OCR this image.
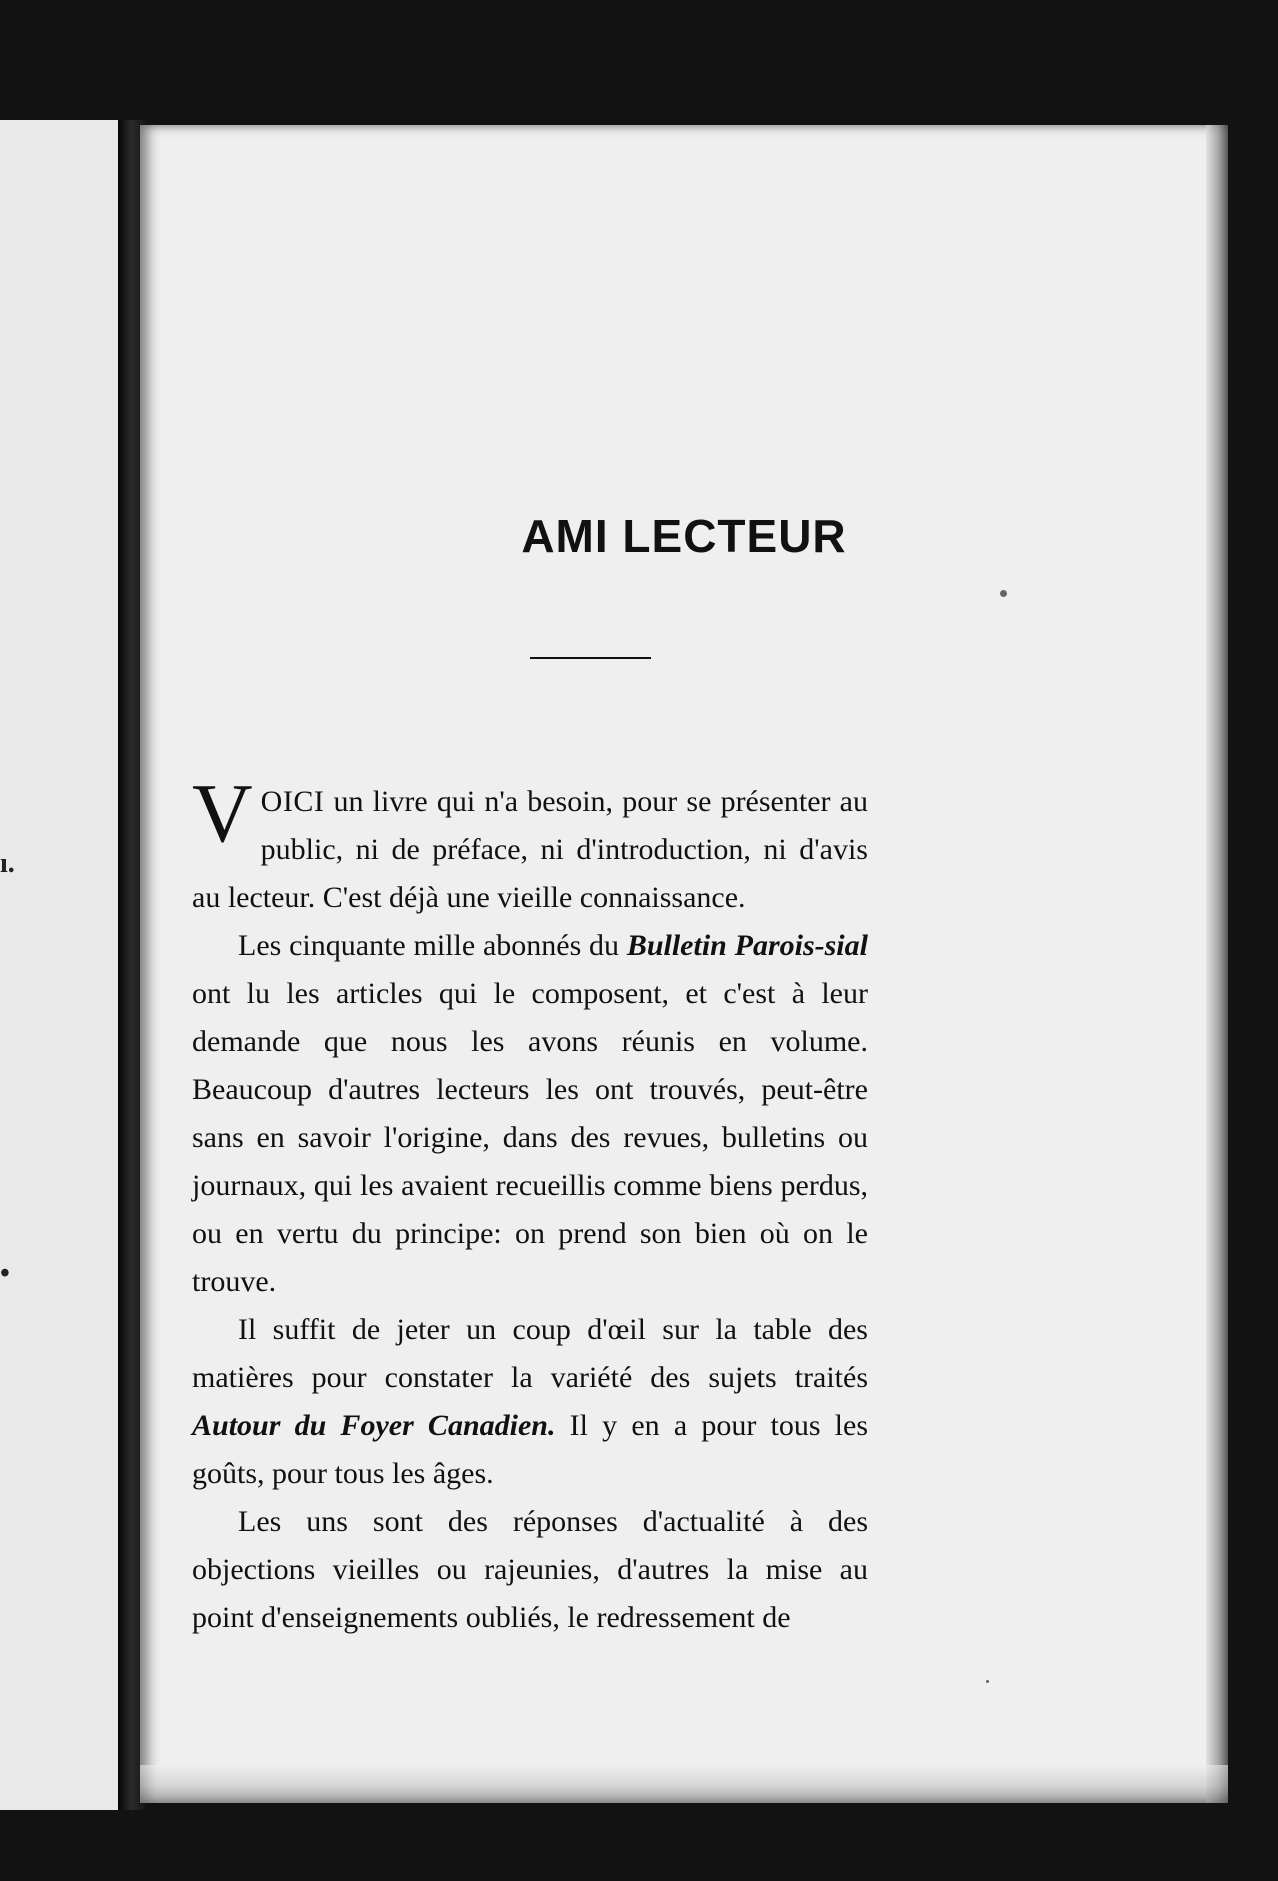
ı.
•
AMI LECTEUR

V OICI un livre qui n'a besoin, pour se présenter au public, ni de préface, ni d'introduction, ni d'avis au lecteur. C'est déjà une vieille connaissance.

Les cinquante mille abonnés du Bulletin Parois-sial ont lu les articles qui le composent, et c'est à leur demande que nous les avons réunis en volume. Beaucoup d'autres lecteurs les ont trouvés, peut-être sans en savoir l'origine, dans des revues, bulletins ou journaux, qui les avaient recueillis comme biens perdus, ou en vertu du principe: on prend son bien où on le trouve.

Il suffit de jeter un coup d'œil sur la table des matières pour constater la variété des sujets traités Autour du Foyer Canadien. Il y en a pour tous les goûts, pour tous les âges.

Les uns sont des réponses d'actualité à des objections vieilles ou rajeunies, d'autres la mise au point d'enseignements oubliés, le redressement de
